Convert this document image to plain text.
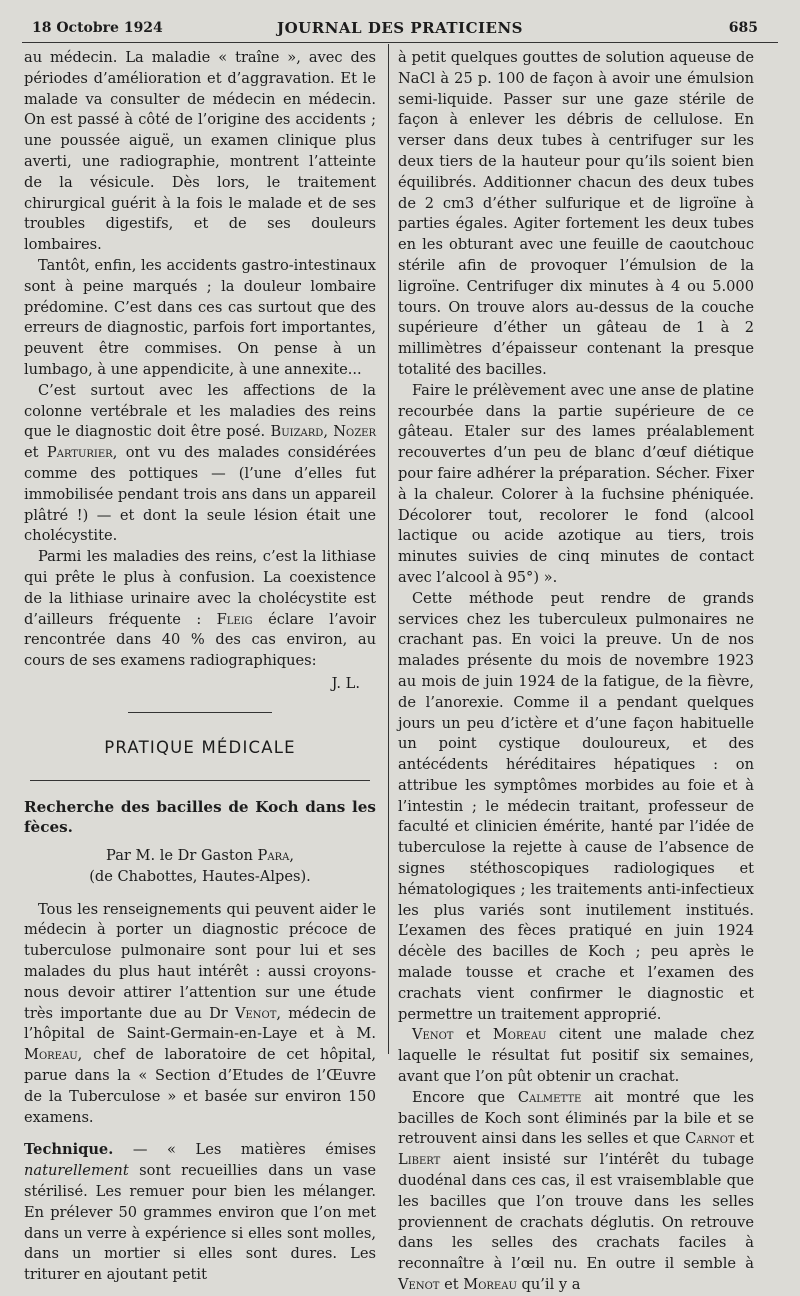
18 Octobre 1924	JOURNAL DES PRATICIENS	685

au médecin. La maladie « traîne », avec des périodes d’amélioration et d’aggravation. Et le malade va consulter de médecin en médecin. On est passé à côté de l’origine des accidents ; une poussée aiguë, un examen clinique plus averti, une radiographie, montrent l’atteinte de la vésicule. Dès lors, le traitement chirurgical guérit à la fois le malade et de ses troubles digestifs, et de ses douleurs lombaires.

Tantôt, enfin, les accidents gastro-intestinaux sont à peine marqués ; la douleur lombaire prédomine. C’est dans ces cas surtout que des erreurs de diagnostic, parfois fort importantes, peuvent être commises. On pense à un lumbago, à une appendicite, à une annexite...

C’est surtout avec les affections de la colonne vertébrale et les maladies des reins que le diagnostic doit être posé. Buizard, Nozer et Parturier, ont vu des malades considérées comme des pottiques — (l’une d’elles fut immobilisée pendant trois ans dans un appareil plâtré !) — et dont la seule lésion était une cholécystite.

Parmi les maladies des reins, c’est la lithiase qui prête le plus à confusion. La coexistence de la lithiase urinaire avec la cholécystite est d’ailleurs fréquente : Fleig éclare l’avoir rencontrée dans 40 % des cas environ, au cours de ses examens radiographiques:

J. L.

PRATIQUE MÉDICALE

Recherche des bacilles de Koch dans les fèces.

Par M. le Dr Gaston Para,

(de Chabottes, Hautes-Alpes).

Tous les renseignements qui peuvent aider le médecin à porter un diagnostic précoce de tuberculose pulmonaire sont pour lui et ses malades du plus haut intérêt : aussi croyons-nous devoir attirer l’attention sur une étude très importante due au Dr Venot, médecin de l’hôpital de Saint-Germain-en-Laye et à M. Moreau, chef de laboratoire de cet hôpital, parue dans la « Section d’Etudes de l’Œuvre de la Tuberculose » et basée sur environ 150 examens.

Technique. — « Les matières émises naturellement sont recueillies dans un vase stérilisé. Les remuer pour bien les mélanger. En prélever 50 grammes environ que l’on met dans un verre à expérience si elles sont molles, dans un mortier si elles sont dures. Les triturer en ajoutant petit

à petit quelques gouttes de solution aqueuse de NaCl à 25 p. 100 de façon à avoir une émulsion semi-liquide. Passer sur une gaze stérile de façon à enlever les débris de cellulose. En verser dans deux tubes à centrifuger sur les deux tiers de la hauteur pour qu’ils soient bien équilibrés. Additionner chacun des deux tubes de 2 cm3 d’éther sulfurique et de ligroïne à parties égales. Agiter fortement les deux tubes en les obturant avec une feuille de caoutchouc stérile afin de provoquer l’émulsion de la ligroïne. Centrifuger dix minutes à 4 ou 5.000 tours. On trouve alors au-dessus de la couche supérieure d’éther un gâteau de 1 à 2 millimètres d’épaisseur contenant la presque totalité des bacilles.

Faire le prélèvement avec une anse de platine recourbée dans la partie supérieure de ce gâteau. Etaler sur des lames préalablement recouvertes d’un peu de blanc d’œuf diétique pour faire adhérer la préparation. Sécher. Fixer à la chaleur. Colorer à la fuchsine phéniquée. Décolorer tout, recolorer le fond (alcool lactique ou acide azotique au tiers, trois minutes suivies de cinq minutes de contact avec l’alcool à 95°) ».

Cette méthode peut rendre de grands services chez les tuberculeux pulmonaires ne crachant pas. En voici la preuve. Un de nos malades présente du mois de novembre 1923 au mois de juin 1924 de la fatigue, de la fièvre, de l’anorexie. Comme il a pendant quelques jours un peu d’ictère et d’une façon habituelle un point cystique douloureux, et des antécédents héréditaires hépatiques : on attribue les symptômes morbides au foie et à l’intestin ; le médecin traitant, professeur de faculté et clinicien émérite, hanté par l’idée de tuberculose la rejette à cause de l’absence de signes stéthoscopiques radiologiques et hématologiques ; les traitements anti-infectieux les plus variés sont inutilement institués. L’examen des fèces pratiqué en juin 1924 décèle des bacilles de Koch ; peu après le malade tousse et crache et l’examen des crachats vient confirmer le diagnostic et permettre un traitement approprié.

Venot et Moreau citent une malade chez laquelle le résultat fut positif six semaines, avant que l’on pût obtenir un crachat.

Encore que Calmette ait montré que les bacilles de Koch sont éliminés par la bile et se retrouvent ainsi dans les selles et que Carnot et Libert aient insisté sur l’intérêt du tubage duodénal dans ces cas, il est vraisemblable que les bacilles que l’on trouve dans les selles proviennent de crachats déglutis. On retrouve dans les selles des crachats faciles à reconnaître à l’œil nu. En outre il semble à Venot et Moreau qu’il y a
